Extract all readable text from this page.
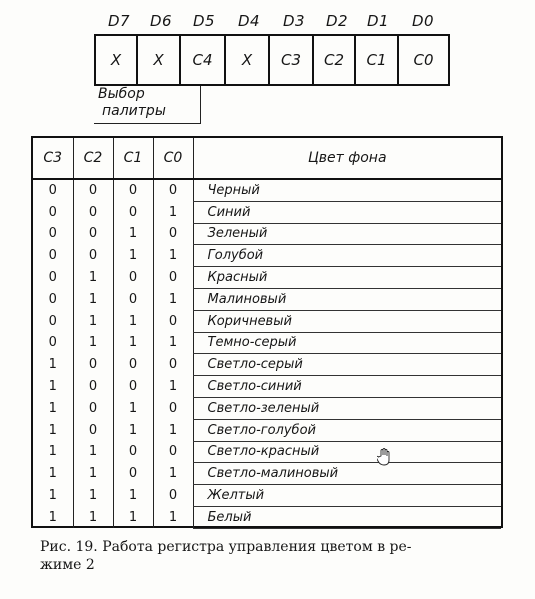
D7 D6 D5 D4 D3 D2 D1 D0
X	X	C4	X	C3	C2	C1	C0
Выбор
палитры
C3	C2	C1	C0	Цвет фона
0	0	0	0	Черный
0	0	0	1	Синий
0	0	1	0	Зеленый
0	0	1	1	Голубой
0	1	0	0	Красный
0	1	0	1	Малиновый
0	1	1	0	Коричневый
0	1	1	1	Темно-серый
1	0	0	0	Светло-серый
1	0	0	1	Светло-синий
1	0	1	0	Светло-зеленый
1	0	1	1	Светло-голубой
1	1	0	0	Светло-красный
1	1	0	1	Светло-малиновый
1	1	1	0	Желтый
1	1	1	1	Белый
Рис. 19. Работа регистра управления цветом в ре-
жиме 2
